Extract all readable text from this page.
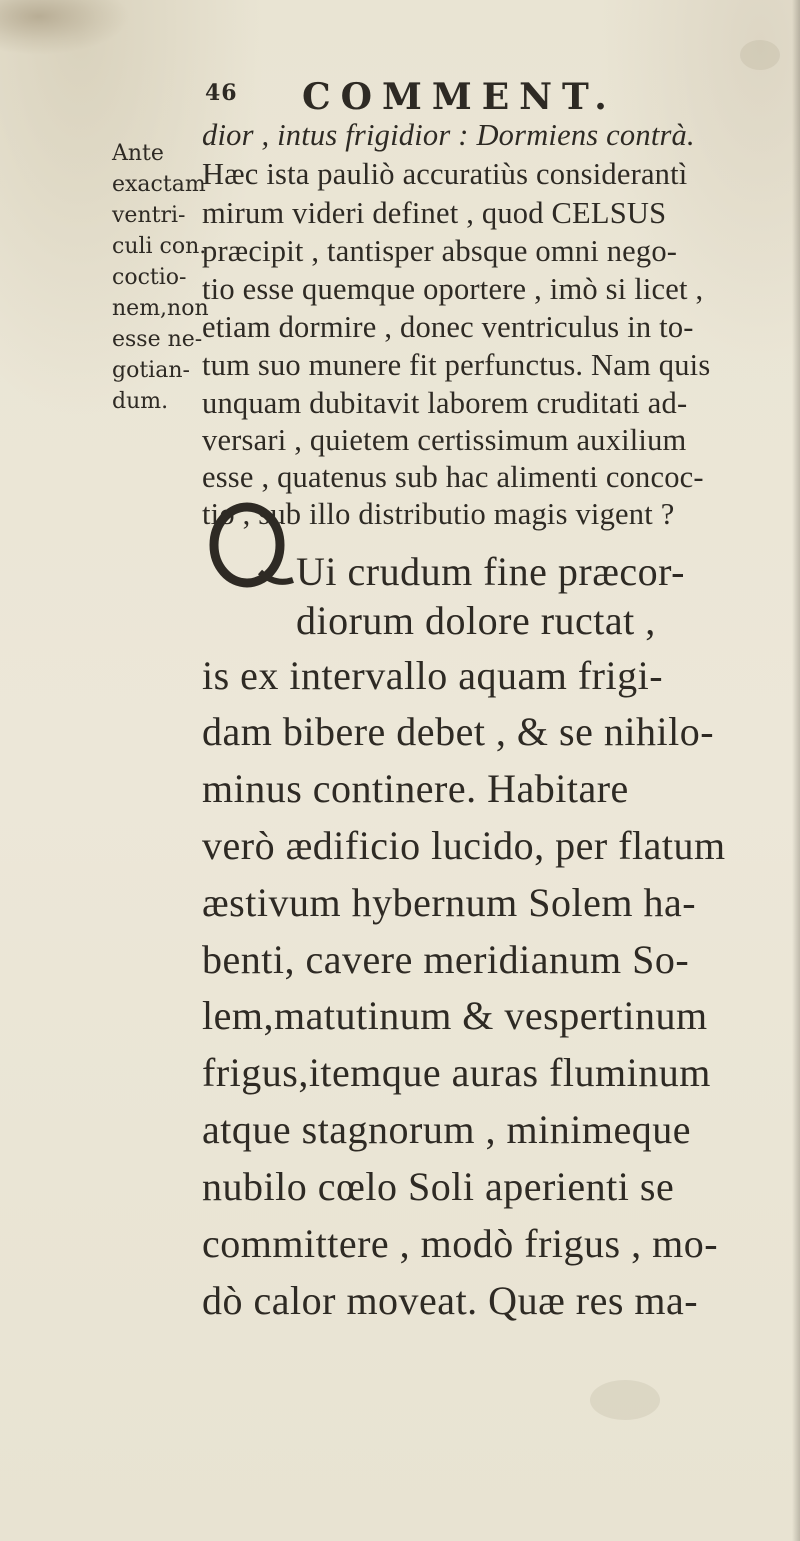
46 COMMENT.
Ante
exactam
ventri-
culi con.
coctio-
nem,non
esse ne-
gotian-
dum.
dior , intus frigidior : Dormiens contrà.
Hæc ista pauliò accuratiùs considerantì
mirum videri definet , quod CELSUS
præcipit , tantisper absque omni nego-
tio esse quemque oportere , imò si licet ,
etiam dormire , donec ventriculus in to-
tum suo munere fit perfunctus. Nam quis
unquam dubitavit laborem cruditati ad-
versari , quietem certissimum auxilium
esse , quatenus sub hac alimenti concoc-
tio , sub illo distributio magis vigent ?
Q Ui crudum fine præcor-
diorum dolore ructat ,
is ex intervallo aquam frigi-
dam bibere debet , & se nihilo-
minus continere. Habitare
verò ædificio lucido, per flatum
æstivum hybernum Solem ha-
benti, cavere meridianum So-
lem,matutinum & vespertinum
frigus,itemque auras fluminum
atque stagnorum , minimeque
nubilo cœlo Soli aperienti se
committere , modò frigus , mo-
dò calor moveat. Quæ res ma-
